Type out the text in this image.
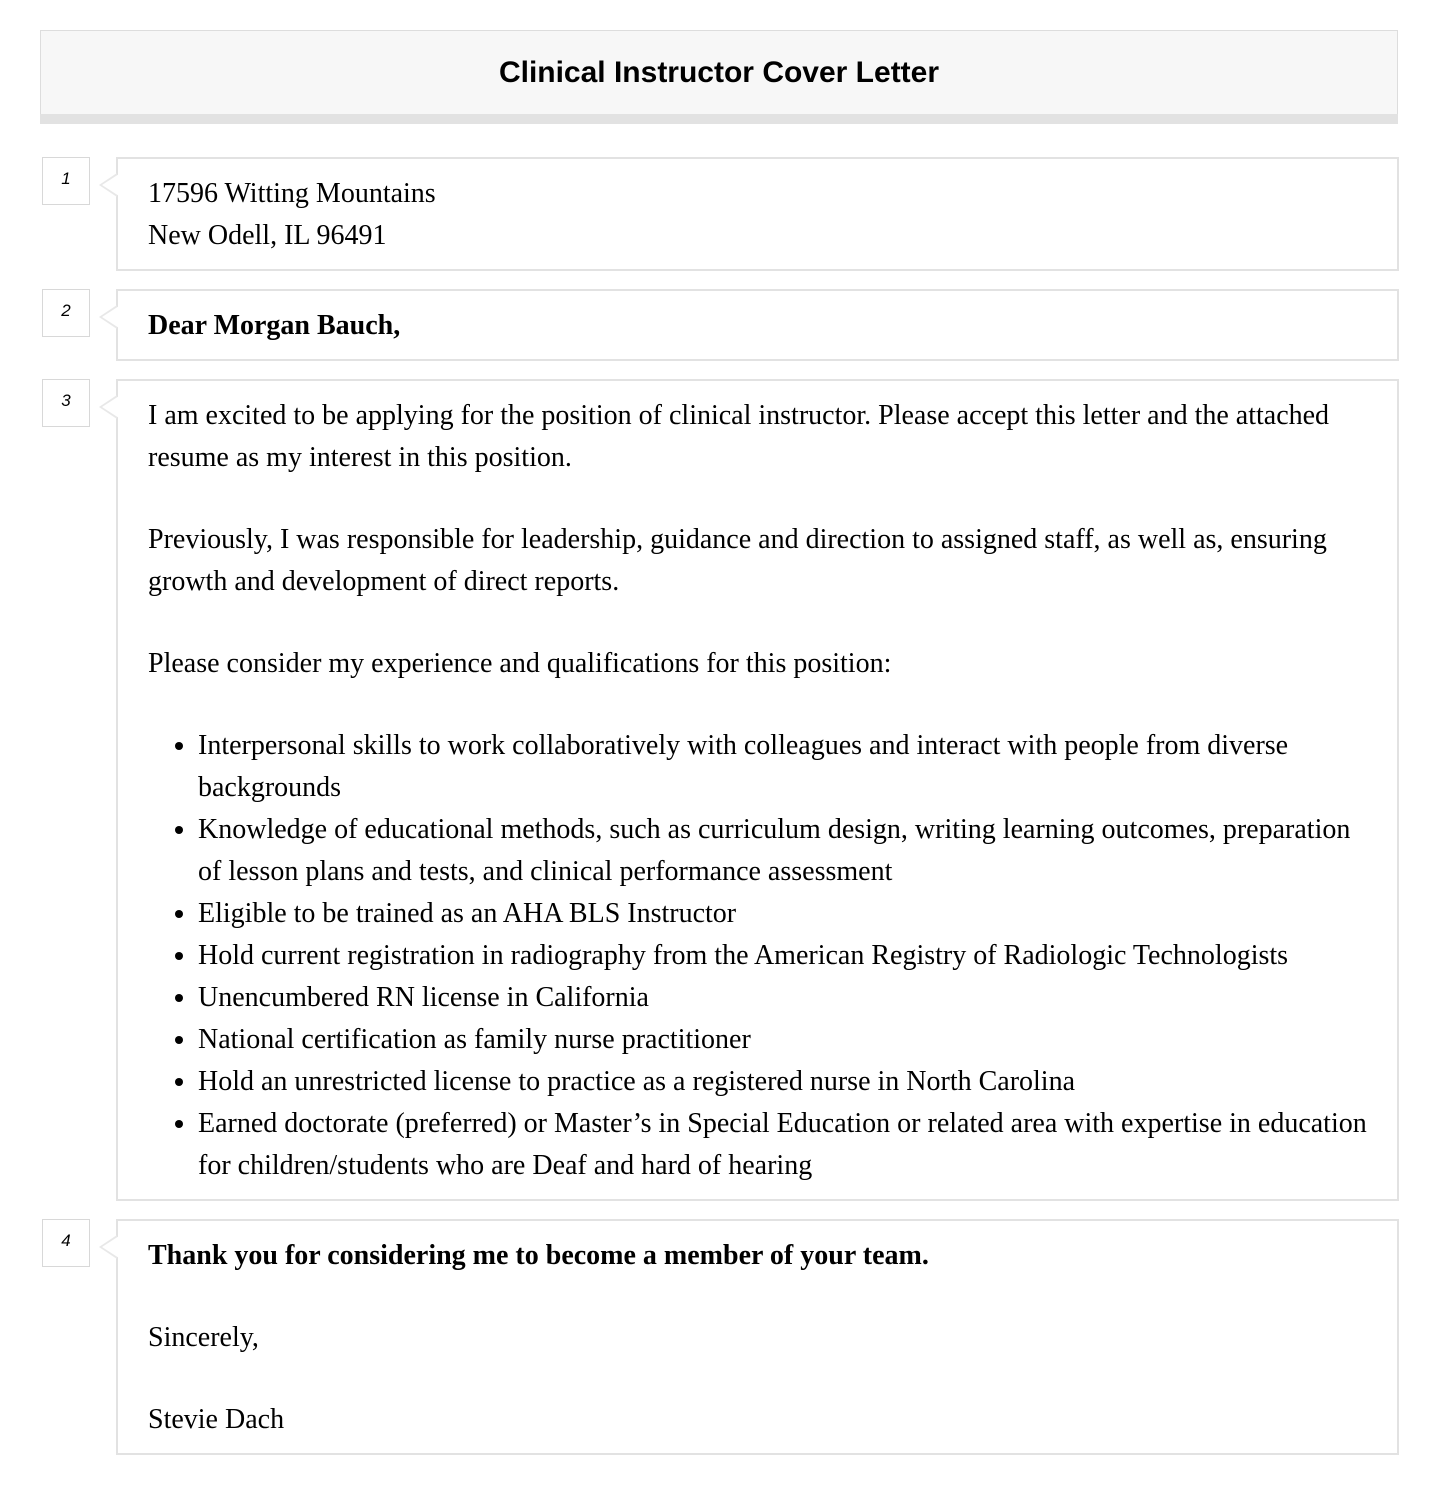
Clinical Instructor Cover Letter
1	17596 Witting Mountains

New Odell, IL 96491

2	Dear Morgan Bauch,

3	I am excited to be applying for the position of clinical instructor. Please accept this letter and the attached resume as my interest in this position.

Previously, I was responsible for leadership, guidance and direction to assigned staff, as well as, ensuring growth and development of direct reports.

Please consider my experience and qualifications for this position:

• Interpersonal skills to work collaboratively with colleagues and interact with people from diverse backgrounds
• Knowledge of educational methods, such as curriculum design, writing learning outcomes, preparation of lesson plans and tests, and clinical performance assessment
• Eligible to be trained as an AHA BLS Instructor
• Hold current registration in radiography from the American Registry of Radiologic Technologists
• Unencumbered RN license in California
• National certification as family nurse practitioner
• Hold an unrestricted license to practice as a registered nurse in North Carolina
• Earned doctorate (preferred) or Master’s in Special Education or related area with expertise in education for children/students who are Deaf and hard of hearing
4	Thank you for considering me to become a member of your team.

Sincerely,

Stevie Dach
